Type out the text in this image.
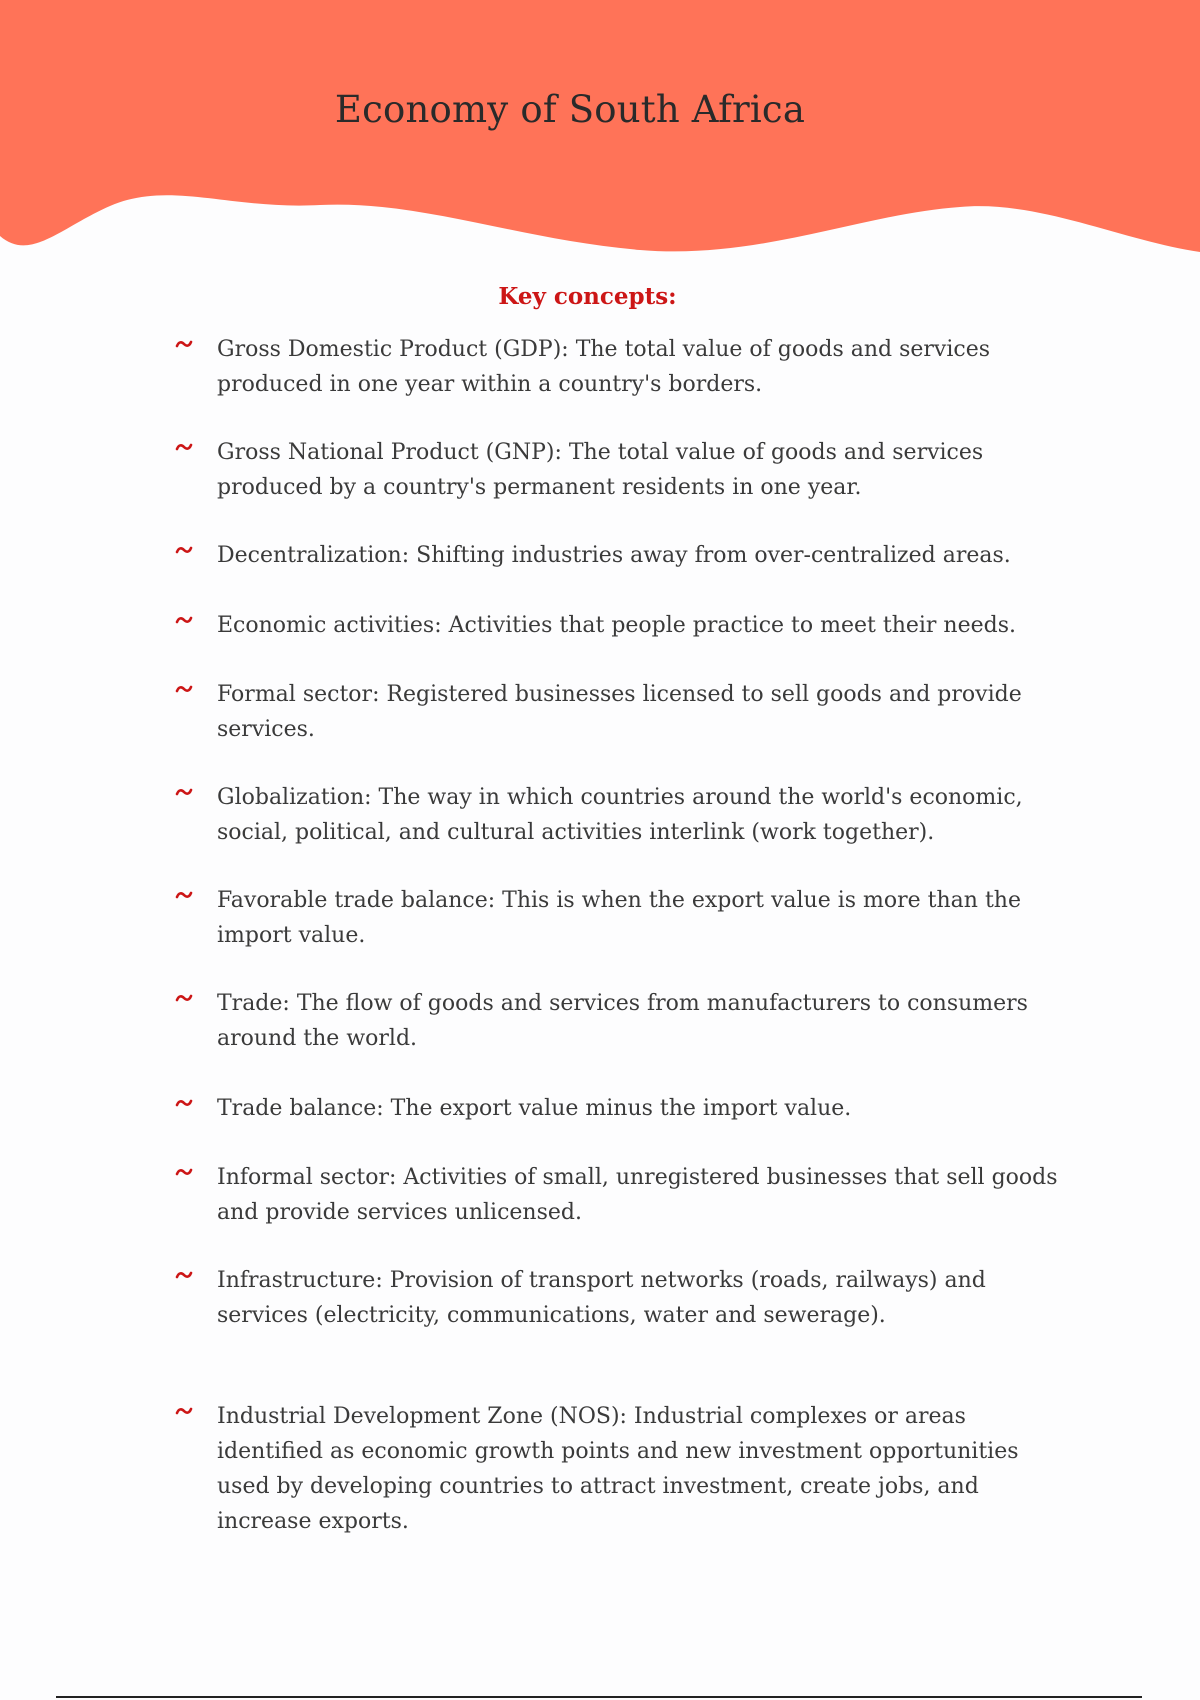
Economy of South Africa
Key concepts:
Gross Domestic Product (GDP): The total value of goods and services produced in one year within a country's borders.
Gross National Product (GNP): The total value of goods and services produced by a country's permanent residents in one year.
Decentralization: Shifting industries away from over-centralized areas.
Economic activities: Activities that people practice to meet their needs.
Formal sector: Registered businesses licensed to sell goods and provide services.
Globalization: The way in which countries around the world's economic, social, political, and cultural activities interlink (work together).
Favorable trade balance: This is when the export value is more than the import value.
Trade: The flow of goods and services from manufacturers to consumers around the world.
Trade balance: The export value minus the import value.
Informal sector: Activities of small, unregistered businesses that sell goods and provide services unlicensed.
Infrastructure: Provision of transport networks (roads, railways) and services (electricity, communications, water and sewerage).
Industrial Development Zone (NOS): Industrial complexes or areas identified as economic growth points and new investment opportunities used by developing countries to attract investment, create jobs, and increase exports.
